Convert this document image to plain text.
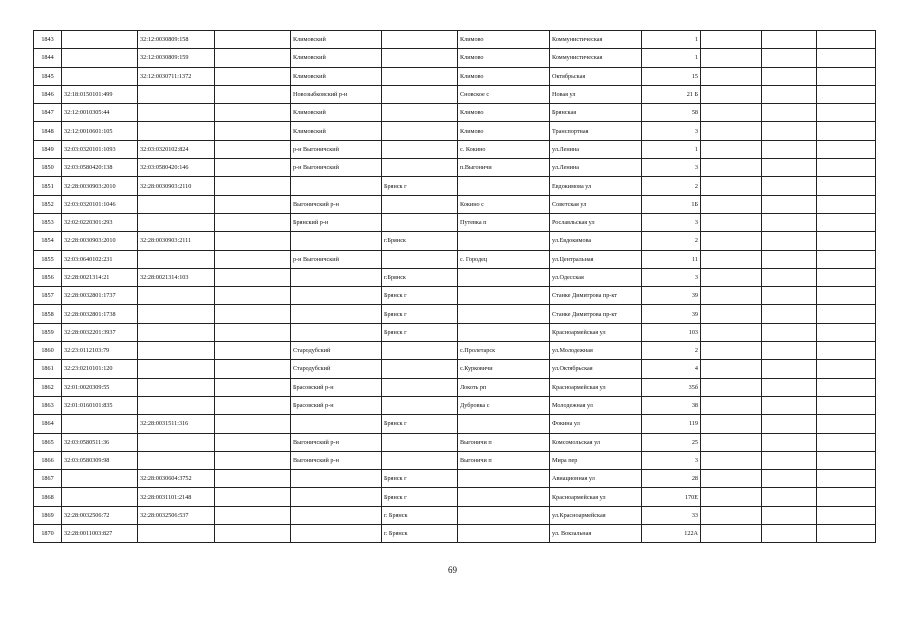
1843		32:12:0030809:158		Климовский		Климово	Коммунистическая	1			
1844		32:12:0030809:159		Климовский		Климово	Коммунистическая	1			
1845		32:12:0030711:1372		Климовский		Климово	Октябрьская	15			
1846	32:18:0150101:499			Новозыбковский р-н		Сновское с	Новая ул	21 Б			
1847	32:12:0010305:44			Климовский		Климово	Брянская	58			
1848	32:12:0010601:105			Климовский		Климово	Транспортная	3			
1849	32:03:0320101:1093	32:03:0320102:824		р-н Выгоничский		с. Кокино	ул.Ленина	1			
1850	32:03:0580420:138	32:03:0580420:146		р-н Выгоничский		п.Выгоничи	ул.Ленина	3			
1851	32:28:0030903:2010	32:28:0030903:2110			Брянск г		Евдокимова ул	2			
1852	32:03:0320101:1046			Выгоничский р-н		Кокино с	Советская ул	1Б			
1853	32:02:0220301:293			Брянский р-н		Путевка п	Рославльская ул	3			
1854	32:28:0030903:2010	32:28:0030903:2111			г.Брянск		ул.Евдокимова	2			
1855	32:03:0640102:231			р-н Выгоничский		с. Городец	ул.Центральная	11			
1856	32:28:0021314:21	32:28:0021314:103			г.Брянск		ул.Одесская	3			
1857	32:28:0032801:1737				Брянск г		Станке Димитрова пр-кт	39			
1858	32:28:0032801:1738				Брянск г		Станке Димитрова пр-кт	39			
1859	32:28:0032201:3937				Брянск г		Красноармейская ул	103			
1860	32:23:0112103:79			Стародубский		с.Пролетарск	ул.Молодежная	2			
1861	32:23:0210101:120			Стародубский		с.Курковичи	ул.Октябрьская	4			
1862	32:01:0020309:55			Брасовский р-н		Локоть рп	Красноармейская ул	35б			
1863	32:01:0160101:835			Брасовский р-н		Дубровка с	Молодежная ул	38			
1864		32:28:0031511:316			Брянск г		Фокина ул	119			
1865	32:03:0580511:36			Выгоничский р-н		Выгоничи п	Комсомольская ул	25			
1866	32:03:0580309:98			Выгоничский р-н		Выгоничи п	Мира пер	3			
1867		32:28:0030604:3752			Брянск г		Авиационная ул	28			
1868		32:28:0031101:2148			Брянск г		Красноармейская ул	170Е			
1869	32:28:0032506:72	32:28:0032506:537			г. Брянск		ул.Красноармейская	33			
1870	32:28:0011003:827				г. Брянск		ул. Вокзальная	122А			
69
